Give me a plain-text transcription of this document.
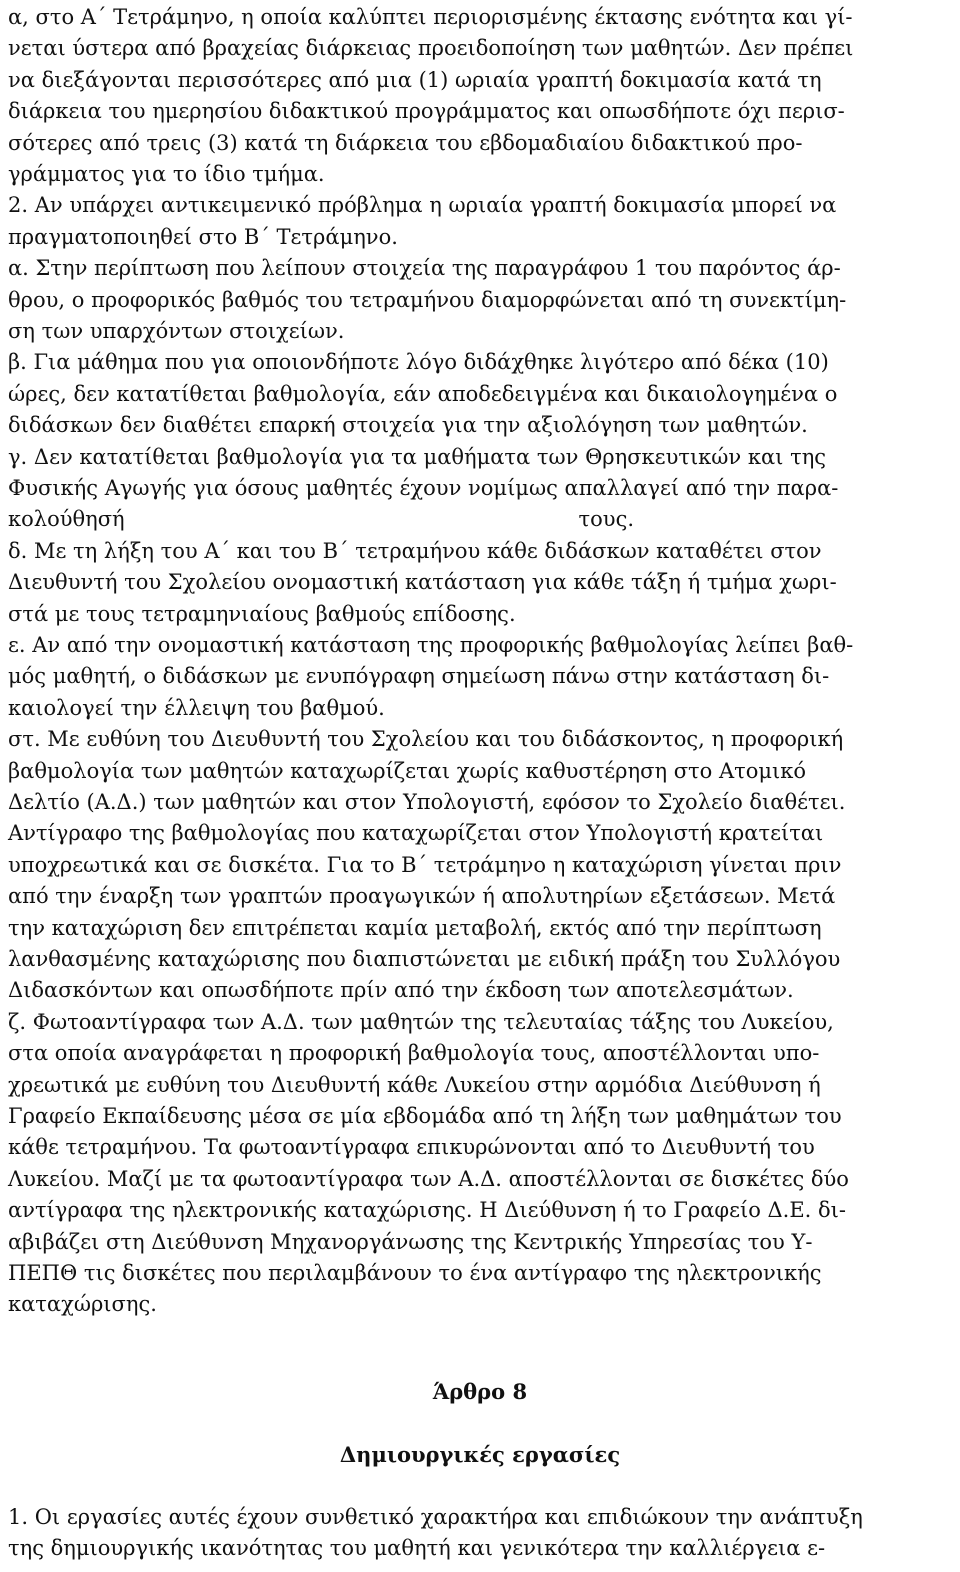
α, στο Α΄ Τετράμηνο, η οποία καλύπτει περιορισμένης έκτασης ενότητα και γί-
νεται ύστερα από βραχείας διάρκειας προειδοποίηση των μαθητών. Δεν πρέπει
να διεξάγονται περισσότερες από μια (1) ωριαία γραπτή δοκιμασία κατά τη
διάρκεια του ημερησίου διδακτικού προγράμματος και οπωσδήποτε όχι περισ-
σότερες από τρεις (3) κατά τη διάρκεια του εβδομαδιαίου διδακτικού προ-
γράμματος για το ίδιο τμήμα.
2. Αν υπάρχει αντικειμενικό πρόβλημα η ωριαία γραπτή δοκιμασία μπορεί να
πραγματοποιηθεί στο Β΄ Τετράμηνο.
α. Στην περίπτωση που λείπουν στοιχεία της παραγράφου 1 του παρόντος άρ-
θρου, ο προφορικός βαθμός του τετραμήνου διαμορφώνεται από τη συνεκτίμη-
ση των υπαρχόντων στοιχείων.
β. Για μάθημα που για οποιονδήποτε λόγο διδάχθηκε λιγότερο από δέκα (10)
ώρες, δεν κατατίθεται βαθμολογία, εάν αποδεδειγμένα και δικαιολογημένα ο
διδάσκων δεν διαθέτει επαρκή στοιχεία για την αξιολόγηση των μαθητών.
γ. Δεν κατατίθεται βαθμολογία για τα μαθήματα των Θρησκευτικών και της
Φυσικής Αγωγής για όσους μαθητές έχουν νομίμως απαλλαγεί από την παρα-
κολούθησή                                                                    τους.
δ. Με τη λήξη του Α΄ και του Β΄ τετραμήνου κάθε διδάσκων καταθέτει στον
Διευθυντή του Σχολείου ονομαστική κατάσταση για κάθε τάξη ή τμήμα χωρι-
στά με τους τετραμηνιαίους βαθμούς επίδοσης.
ε. Αν από την ονομαστική κατάσταση της προφορικής βαθμολογίας λείπει βαθ-
μός μαθητή, ο διδάσκων με ενυπόγραφη σημείωση πάνω στην κατάσταση δι-
καιολογεί την έλλειψη του βαθμού.
στ. Με ευθύνη του Διευθυντή του Σχολείου και του διδάσκοντος, η προφορική
βαθμολογία των μαθητών καταχωρίζεται χωρίς καθυστέρηση στο Ατομικό
Δελτίο (Α.Δ.) των μαθητών και στον Υπολογιστή, εφόσον το Σχολείο διαθέτει.
Αντίγραφο της βαθμολογίας που καταχωρίζεται στον Υπολογιστή κρατείται
υποχρεωτικά και σε δισκέτα. Για το Β΄ τετράμηνο η καταχώριση γίνεται πριν
από την έναρξη των γραπτών προαγωγικών ή απολυτηρίων εξετάσεων. Μετά
την καταχώριση δεν επιτρέπεται καμία μεταβολή, εκτός από την περίπτωση
λανθασμένης καταχώρισης που διαπιστώνεται με ειδική πράξη του Συλλόγου
Διδασκόντων και οπωσδήποτε πρίν από την έκδοση των αποτελεσμάτων.
ζ. Φωτοαντίγραφα των Α.Δ. των μαθητών της τελευταίας τάξης του Λυκείου,
στα οποία αναγράφεται η προφορική βαθμολογία τους, αποστέλλονται υπο-
χρεωτικά με ευθύνη του Διευθυντή κάθε Λυκείου στην αρμόδια Διεύθυνση ή
Γραφείο Εκπαίδευσης μέσα σε μία εβδομάδα από τη λήξη των μαθημάτων του
κάθε τετραμήνου. Τα φωτοαντίγραφα επικυρώνονται από το Διευθυντή του
Λυκείου. Μαζί με τα φωτοαντίγραφα των Α.Δ. αποστέλλονται σε δισκέτες δύο
αντίγραφα της ηλεκτρονικής καταχώρισης. Η Διεύθυνση ή το Γραφείο Δ.Ε. δι-
αβιβάζει στη Διεύθυνση Μηχανοργάνωσης της Κεντρικής Υπηρεσίας του Υ-
ΠΕΠΘ τις δισκέτες που περιλαμβάνουν το ένα αντίγραφο της ηλεκτρονικής
καταχώρισης.
Άρθρο 8
Δημιουργικές εργασίες
1. Οι εργασίες αυτές έχουν συνθετικό χαρακτήρα και επιδιώκουν την ανάπτυξη
της δημιουργικής ικανότητας του μαθητή και γενικότερα την καλλιέργεια ε-
